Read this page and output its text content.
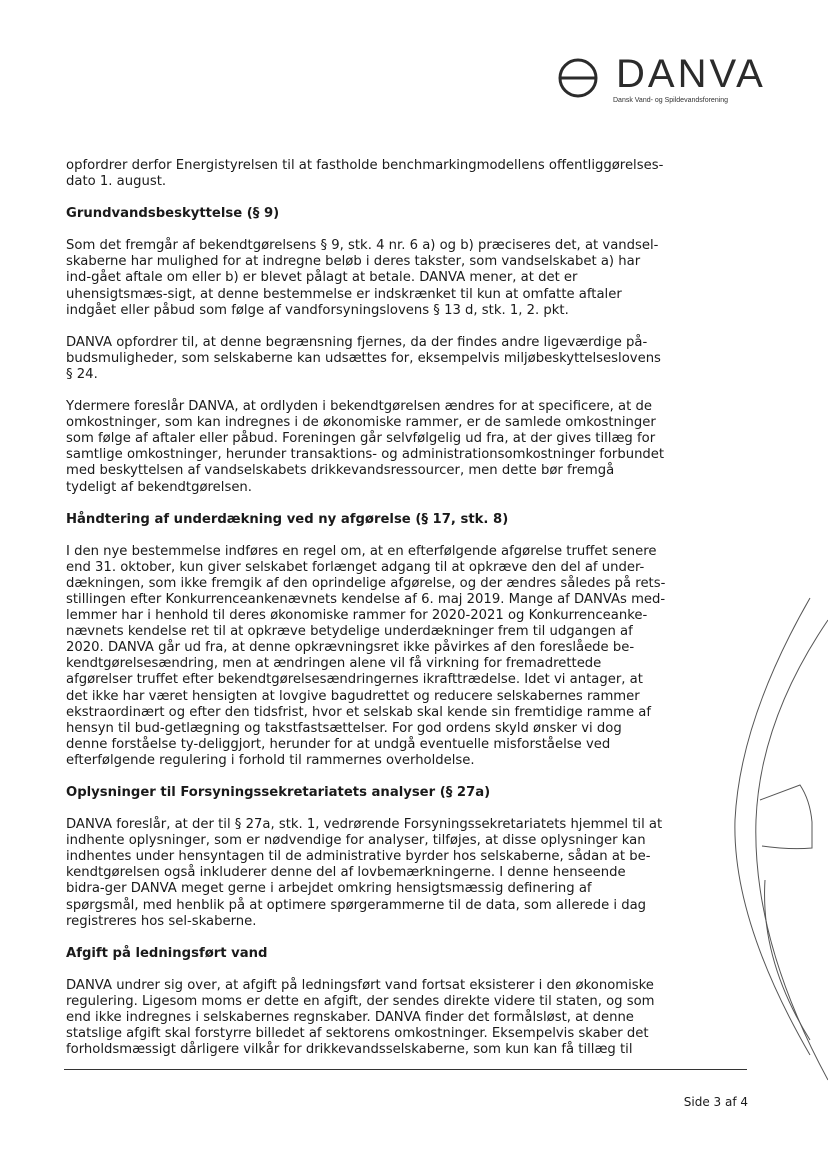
DANVA
Dansk Vand- og Spildevandsforening

opfordrer derfor Energistyrelsen til at fastholde benchmarkingmodellens offentliggørelses-dato 1. august.

Grundvandsbeskyttelse (§ 9)

Som det fremgår af bekendtgørelsens § 9, stk. 4 nr. 6 a) og b) præciseres det, at vandsel-skaberne har mulighed for at indregne beløb i deres takster, som vandselskabet a) har ind-gået aftale om eller b) er blevet pålagt at betale. DANVA mener, at det er uhensigtsmæs-sigt, at denne bestemmelse er indskrænket til kun at omfatte aftaler indgået eller påbud som følge af vandforsyningslovens § 13 d, stk. 1, 2. pkt.

DANVA opfordrer til, at denne begrænsning fjernes, da der findes andre ligeværdige på-budsmuligheder, som selskaberne kan udsættes for, eksempelvis miljøbeskyttelseslovens § 24.

Ydermere foreslår DANVA, at ordlyden i bekendtgørelsen ændres for at specificere, at de omkostninger, som kan indregnes i de økonomiske rammer, er de samlede omkostninger som følge af aftaler eller påbud. Foreningen går selvfølgelig ud fra, at der gives tillæg for samtlige omkostninger, herunder transaktions- og administrationsomkostninger forbundet med beskyttelsen af vandselskabets drikkevandsressourcer, men dette bør fremgå tydeligt af bekendtgørelsen.

Håndtering af underdækning ved ny afgørelse (§ 17, stk. 8)

I den nye bestemmelse indføres en regel om, at en efterfølgende afgørelse truffet senere end 31. oktober, kun giver selskabet forlænget adgang til at opkræve den del af under-dækningen, som ikke fremgik af den oprindelige afgørelse, og der ændres således på rets-stillingen efter Konkurrenceankenævnets kendelse af 6. maj 2019. Mange af DANVAs med-lemmer har i henhold til deres økonomiske rammer for 2020-2021 og Konkurrenceanke-nævnets kendelse ret til at opkræve betydelige underdækninger frem til udgangen af 2020. DANVA går ud fra, at denne opkrævningsret ikke påvirkes af den foreslåede be-kendtgørelsesændring, men at ændringen alene vil få virkning for fremadrettede afgørelser truffet efter bekendtgørelsesændringernes ikrafttrædelse. Idet vi antager, at det ikke har været hensigten at lovgive bagudrettet og reducere selskabernes rammer ekstraordinært og efter den tidsfrist, hvor et selskab skal kende sin fremtidige ramme af hensyn til bud-getlægning og takstfastsættelser. For god ordens skyld ønsker vi dog denne forståelse ty-deliggjort, herunder for at undgå eventuelle misforståelse ved efterfølgende regulering i forhold til rammernes overholdelse.

Oplysninger til Forsyningssekretariatets analyser (§ 27a)

DANVA foreslår, at der til § 27a, stk. 1, vedrørende Forsyningssekretariatets hjemmel til at indhente oplysninger, som er nødvendige for analyser, tilføjes, at disse oplysninger kan indhentes under hensyntagen til de administrative byrder hos selskaberne, sådan at be-kendtgørelsen også inkluderer denne del af lovbemærkningerne. I denne henseende bidra-ger DANVA meget gerne i arbejdet omkring hensigtsmæssig definering af spørgsmål, med henblik på at optimere spørgerammerne til de data, som allerede i dag registreres hos sel-skaberne.

Afgift på ledningsført vand

DANVA undrer sig over, at afgift på ledningsført vand fortsat eksisterer i den økonomiske regulering. Ligesom moms er dette en afgift, der sendes direkte videre til staten, og som end ikke indregnes i selskabernes regnskaber. DANVA finder det formålsløst, at denne statslige afgift skal forstyrre billedet af sektorens omkostninger. Eksempelvis skaber det forholdsmæssigt dårligere vilkår for drikkevandsselskaberne, som kun kan få tillæg til

Side 3 af 4
